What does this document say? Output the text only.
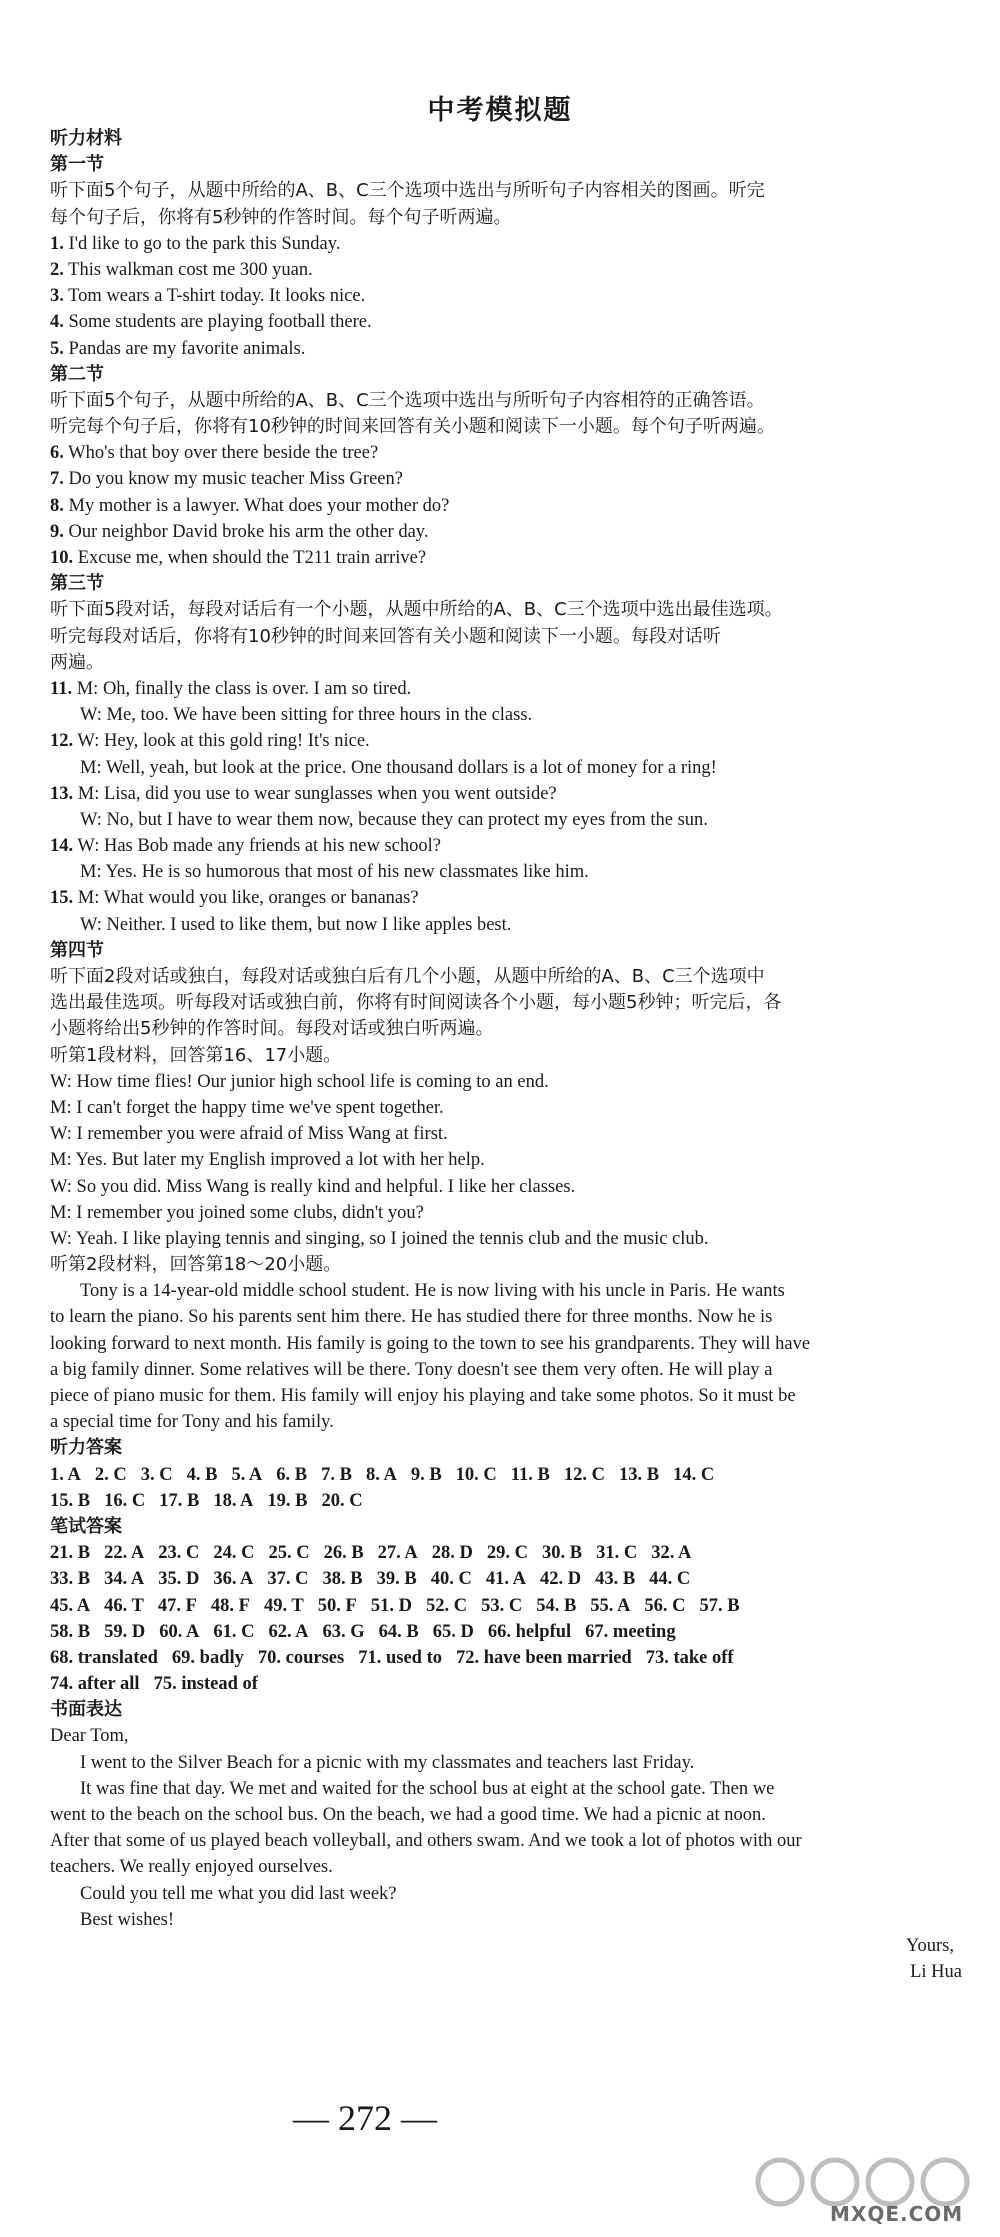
中考模拟题
听力材料
第一节
听下面5个句子，从题中所给的A、B、C三个选项中选出与所听句子内容相关的图画。听完
每个句子后，你将有5秒钟的作答时间。每个句子听两遍。
1. I'd like to go to the park this Sunday.
2. This walkman cost me 300 yuan.
3. Tom wears a T-shirt today. It looks nice.
4. Some students are playing football there.
5. Pandas are my favorite animals.
第二节
听下面5个句子，从题中所给的A、B、C三个选项中选出与所听句子内容相符的正确答语。
听完每个句子后，你将有10秒钟的时间来回答有关小题和阅读下一小题。每个句子听两遍。
6. Who's that boy over there beside the tree?
7. Do you know my music teacher Miss Green?
8. My mother is a lawyer. What does your mother do?
9. Our neighbor David broke his arm the other day.
10. Excuse me, when should the T211 train arrive?
第三节
听下面5段对话，每段对话后有一个小题，从题中所给的A、B、C三个选项中选出最佳选项。
听完每段对话后，你将有10秒钟的时间来回答有关小题和阅读下一小题。每段对话听
两遍。
11. M: Oh, finally the class is over. I am so tired.
W: Me, too. We have been sitting for three hours in the class.
12. W: Hey, look at this gold ring! It's nice.
M: Well, yeah, but look at the price. One thousand dollars is a lot of money for a ring!
13. M: Lisa, did you use to wear sunglasses when you went outside?
W: No, but I have to wear them now, because they can protect my eyes from the sun.
14. W: Has Bob made any friends at his new school?
M: Yes. He is so humorous that most of his new classmates like him.
15. M: What would you like, oranges or bananas?
W: Neither. I used to like them, but now I like apples best.
第四节
听下面2段对话或独白，每段对话或独白后有几个小题，从题中所给的A、B、C三个选项中
选出最佳选项。听每段对话或独白前，你将有时间阅读各个小题，每小题5秒钟；听完后，各
小题将给出5秒钟的作答时间。每段对话或独白听两遍。
听第1段材料，回答第16、17小题。
W: How time flies! Our junior high school life is coming to an end.
M: I can't forget the happy time we've spent together.
W: I remember you were afraid of Miss Wang at first.
M: Yes. But later my English improved a lot with her help.
W: So you did. Miss Wang is really kind and helpful. I like her classes.
M: I remember you joined some clubs, didn't you?
W: Yeah. I like playing tennis and singing, so I joined the tennis club and the music club.
听第2段材料，回答第18～20小题。
Tony is a 14-year-old middle school student. He is now living with his uncle in Paris. He wants
to learn the piano. So his parents sent him there. He has studied there for three months. Now he is
looking forward to next month. His family is going to the town to see his grandparents. They will have
a big family dinner. Some relatives will be there. Tony doesn't see them very often. He will play a
piece of piano music for them. His family will enjoy his playing and take some photos. So it must be
a special time for Tony and his family.
听力答案
1. A 2. C 3. C 4. B 5. A 6. B 7. B 8. A 9. B 10. C 11. B 12. C 13. B 14. C
15. B 16. C 17. B 18. A 19. B 20. C
笔试答案
21. B 22. A 23. C 24. C 25. C 26. B 27. A 28. D 29. C 30. B 31. C 32. A
33. B 34. A 35. D 36. A 37. C 38. B 39. B 40. C 41. A 42. D 43. B 44. C
45. A 46. T 47. F 48. F 49. T 50. F 51. D 52. C 53. C 54. B 55. A 56. C 57. B
58. B 59. D 60. A 61. C 62. A 63. G 64. B 65. D 66. helpful 67. meeting
68. translated 69. badly 70. courses 71. used to 72. have been married 73. take off
74. after all 75. instead of
书面表达
Dear Tom,
I went to the Silver Beach for a picnic with my classmates and teachers last Friday.
It was fine that day. We met and waited for the school bus at eight at the school gate. Then we
went to the beach on the school bus. On the beach, we had a good time. We had a picnic at noon.
After that some of us played beach volleyball, and others swam. And we took a lot of photos with our
teachers. We really enjoyed ourselves.
Could you tell me what you did last week?
Best wishes!
Yours,
Li Hua
— 272 —
MXQE.COM
